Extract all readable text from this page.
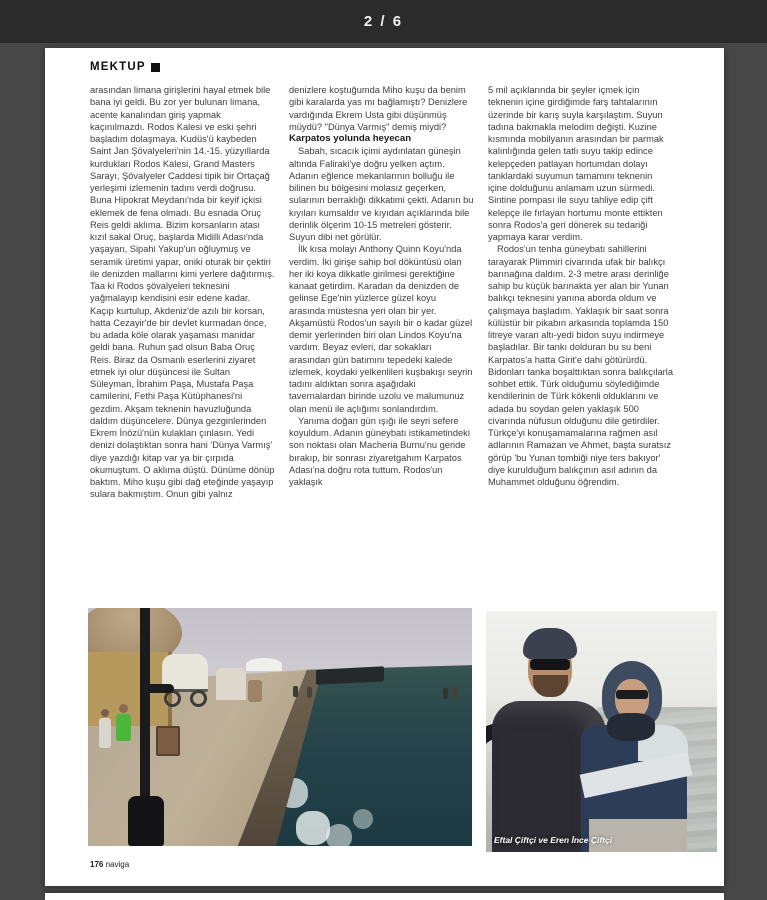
2 / 6
MEKTUP

arasından limana girişlerini hayal etmek bile bana iyi geldi. Bu zor yer bulunan limana, acente kanalından giriş yapmak kaçınılmazdı. Rodos Kalesi ve eski şehri başladım dolaşmaya. Kudüs'ü kaybeden Saint Jan Şövalyeleri'nin 14.-15. yüzyıllarda kurdukları Rodos Kalesi, Grand Masters Sarayı, Şövalyeler Caddesi tipik bir Ortaçağ yerleşimi izlemenin tadını verdi doğrusu. Buna Hipokrat Meydanı'nda bir keyif içkisi eklemek de fena olmadı. Bu esnada Oruç Reis geldi aklıma. Bizim korsanların atası kızıl sakal Oruç, başlarda Midilli Adası'nda yaşayan, Sipahi Yakup'un oğluymuş ve seramik üretimi yapar, oniki oturak bir çektiri ile denizden mallarını kimi yerlere dağıtırmış. Taa ki Rodos şövalyeleri teknesini yağmalayıp kendisini esir edene kadar. Kaçıp kurtulup, Akdeniz'de azılı bir korsan, hatta Cezayir'de bir devlet kurmadan önce, bu adada köle olarak yaşaması manidar geldi bana. Ruhun şad olsun Baba Oruç Reis. Biraz da Osmanlı eserlerini ziyaret etmek iyi olur düşüncesi ile Sultan Süleyman, İbrahim Paşa, Mustafa Paşa camilerini, Fethi Paşa Kütüphanesi'ni gezdim. Akşam teknenin havuzluğunda daldım düşüncelere. Dünya gezginlerinden Ekrem İnözü'nün kulakları çınlasın. Yedi denizi dolaştıktan sonra hani 'Dünya Varmış' diye yazdığı kitap var ya bir çırpıda okumuştum. O aklıma düştü. Dünüme dönüp baktım. Miho kuşu gibi dağ eteğinde yaşayıp sulara bakmıştım. Onun gibi yalnız

denizlere koştuğumda Miho kuşu da benim gibi karalarda yas mı bağlamıştı? Denizlere vardığında Ekrem Usta gibi düşünmüş müydü? "Dünya Varmış" demiş miydi?

Karpatos yolunda heyecan

Sabah, sıcacık içimi aydınlatan güneşin altında Faliraki'ye doğru yelken açtım. Adanın eğlence mekanlarının bolluğu ile bilinen bu bölgesini molasız geçerken, sularının berraklığı dikkatimi çekti. Adanın bu kıyıları kumsaldır ve kıyıdan açıklarında bile derinlik ölçerim 10-15 metreleri gösterir. Suyun dibi net görülür.

İlk kısa molayı Anthony Quinn Koyu'nda verdim. İki girişe sahip bol döküntüsü olan her iki koya dikkatle girilmesi gerektiğine kanaat getirdim. Karadan da denizden de gelinse Ege'nin yüzlerce güzel koyu arasında müstesna yeri olan bir yer. Akşamüstü Rodos'un sayılı bir o kadar güzel demir yerlerinden biri olan Lindos Koyu'na vardım. Beyaz evleri, dar sokakları arasından gün batımını tepedeki kalede izlemek, koydaki yelkenlileri kuşbakışı seyrin tadını aldıktan sonra aşağıdaki tavernalardan birinde uzolu ve malumunuz olan menü ile açlığımı sonlandırdım.

Yanıma doğan gün ışığı ile seyri sefere koyuldum. Adanın güneybatı istikametindeki son noktası olan Macheria Burnu'nu geride bırakıp, bir sonrası ziyaretgahım Karpatos Adası'na doğru rota tuttum. Rodos'un yaklaşık

5 mil açıklarında bir şeyler içmek için teknenin içine girdiğimde farş tahtalarının üzerinde bir karış suyla karşılaştım. Suyun tadına bakmakla melodim değişti. Kuzine kısmında mobilyanın arasından bir parmak kalınlığında gelen tatlı suyu takip edince kelepçeden patlayan hortumdan dolayı tanklardaki suyumun tamamını teknenin içine dolduğunu anlamam uzun sürmedi. Sintine pompası ile suyu tahliye edip çift kelepçe ile fırlayan hortumu monte ettikten sonra Rodos'a geri dönerek su tedariği yapmaya karar verdim.

Rodos'un tenha güneybatı sahillerini tarayarak Plimmiri civarında ufak bir balıkçı barınağına daldım. 2-3 metre arası derinliğe sahip bu küçük barınakta yer alan bir Yunan balıkçı teknesini yanına aborda oldum ve çalışmaya başladım. Yaklaşık bir saat sonra külüstür bir pikabın arkasında toplamda 150 litreye varan altı-yedi bidon suyu indirmeye başladılar. Bir tankı dolduran bu su beni Karpatos'a hatta Girit'e dahi götürürdü. Bidonları tanka boşalttıktan sonra balıkçılarla sohbet ettik. Türk olduğumu söylediğimde kendilerinin de Türk kökenli olduklarını ve adada bu soydan gelen yaklaşık 500 civarında nüfusun olduğunu dile getirdiler. Türkçe'yi konuşamamalarına rağmen asıl adlarının Ramazan ve Ahmet, başta suratsız görüp 'bu Yunan tombiği niye ters bakıyor' diye kurulduğum balıkçının asıl adının da Muhammet olduğunu öğrendim.

Eftal Çiftçi ve Eren İnce Çiftçi
176 naviga
